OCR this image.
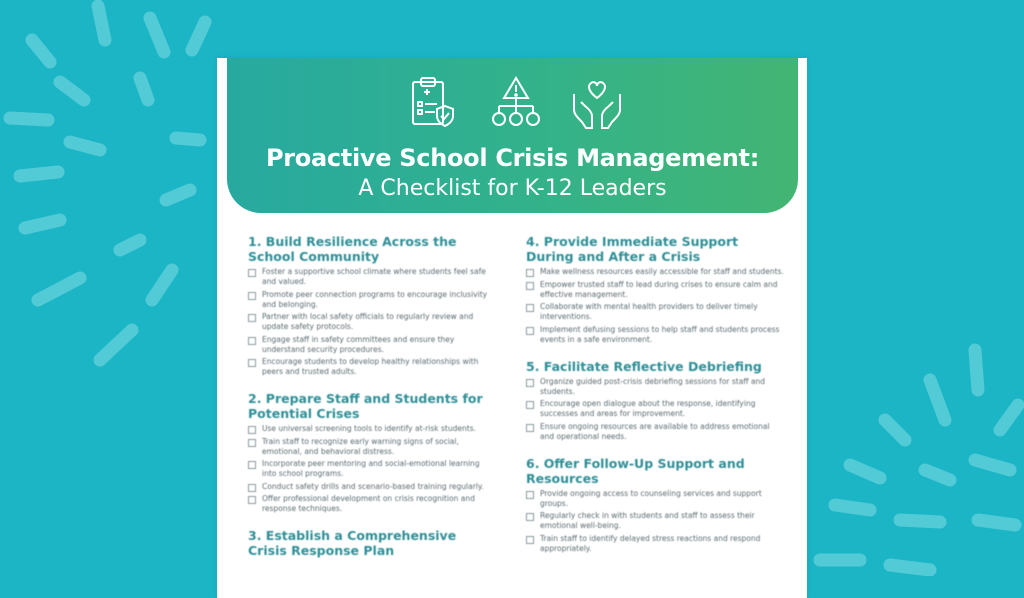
Proactive School Crisis Management:
A Checklist for K-12 Leaders
1. Build Resilience Across the School Community
Foster a supportive school climate where students feel safe and valued.
Promote peer connection programs to encourage inclusivity and belonging.
Partner with local safety officials to regularly review and update safety protocols.
Engage staff in safety committees and ensure they understand security procedures.
Encourage students to develop healthy relationships with peers and trusted adults.
2. Prepare Staff and Students for Potential Crises
Use universal screening tools to identify at-risk students.
Train staff to recognize early warning signs of social, emotional, and behavioral distress.
Incorporate peer mentoring and social-emotional learning into school programs.
Conduct safety drills and scenario-based training regularly.
Offer professional development on crisis recognition and response techniques.
3. Establish a Comprehensive Crisis Response Plan
4. Provide Immediate Support During and After a Crisis
Make wellness resources easily accessible for staff and students.
Empower trusted staff to lead during crises to ensure calm and effective management.
Collaborate with mental health providers to deliver timely interventions.
Implement defusing sessions to help staff and students process events in a safe environment.
5. Facilitate Reflective Debriefing
Organize guided post-crisis debriefing sessions for staff and students.
Encourage open dialogue about the response, identifying successes and areas for improvement.
Ensure ongoing resources are available to address emotional and operational needs.
6. Offer Follow-Up Support and Resources
Provide ongoing access to counseling services and support groups.
Regularly check in with students and staff to assess their emotional well-being.
Train staff to identify delayed stress reactions and respond appropriately.
